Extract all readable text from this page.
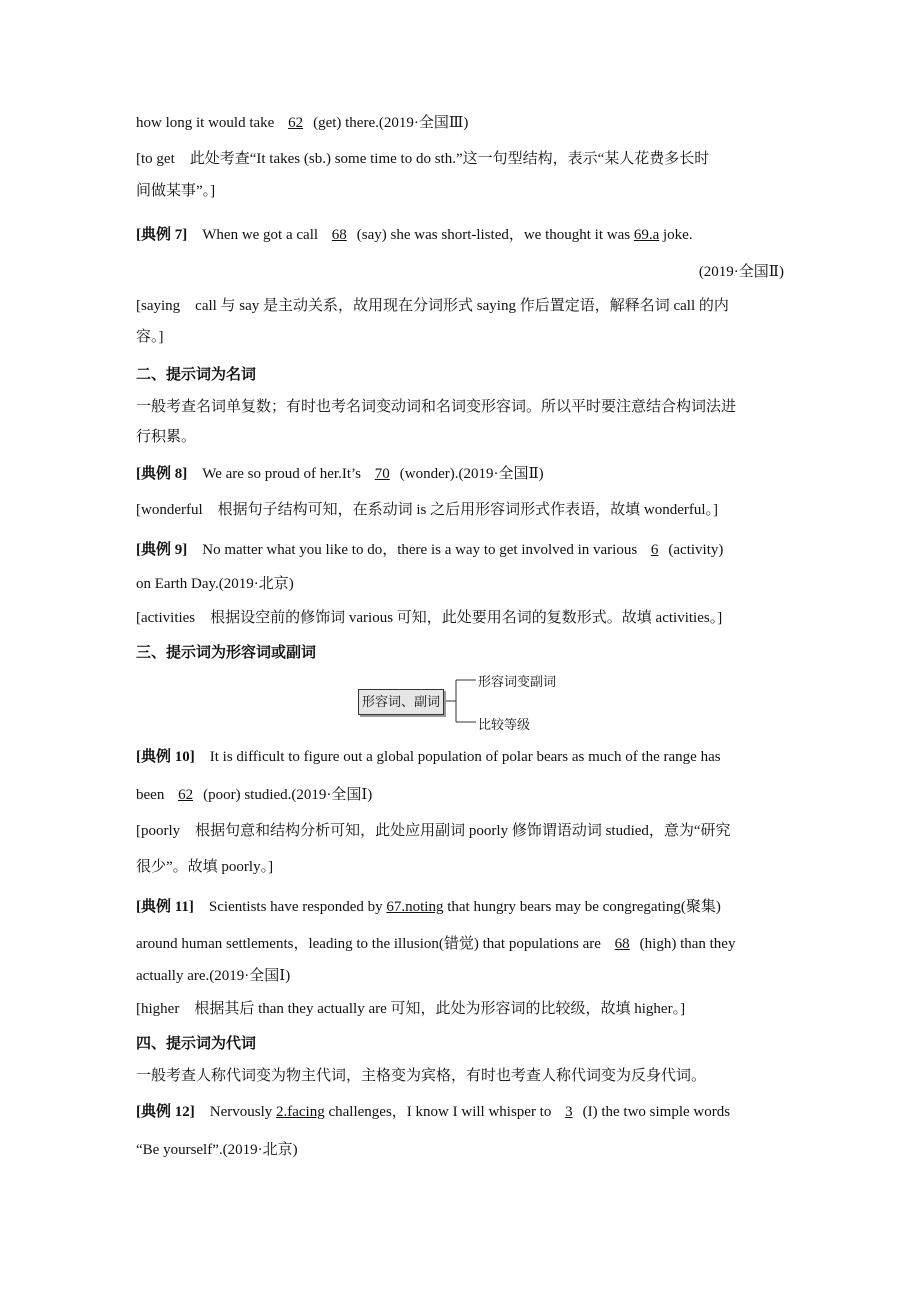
how long it would take 62 (get) there.(2019·全国Ⅲ)
[to get　此处考查“It takes (sb.) some time to do sth.”这一句型结构，表示“某人花费多长时
间做某事”。]
[典例 7]　When we got a call 68 (say) she was short-listed，we thought it was 69.a joke.
(2019·全国Ⅱ)
[saying　call 与 say 是主动关系，故用现在分词形式 saying 作后置定语，解释名词 call 的内
容。]
二、提示词为名词
一般考查名词单复数；有时也考名词变动词和名词变形容词。所以平时要注意结合构词法进
行积累。
[典例 8]　We are so proud of her.It’s 70 (wonder).(2019·全国Ⅱ)
[wonderful　根据句子结构可知，在系动词 is 之后用形容词形式作表语，故填 wonderful。]
[典例 9]　No matter what you like to do，there is a way to get involved in various 6 (activity)
on Earth Day.(2019·北京)
[activities　根据设空前的修饰词 various 可知，此处要用名词的复数形式。故填 activities。]
三、提示词为形容词或副词
形容词、副词
形容词变副词
比较等级
[典例 10]　It is difficult to figure out a global population of polar bears as much of the range has
been 62 (poor) studied.(2019·全国Ⅰ)
[poorly　根据句意和结构分析可知，此处应用副词 poorly 修饰谓语动词 studied，意为“研究
很少”。故填 poorly。]
[典例 11]　Scientists have responded by 67.noting that hungry bears may be congregating(聚集)
around human settlements，leading to the illusion(错觉) that populations are 68 (high) than they
actually are.(2019·全国Ⅰ)
[higher　根据其后 than they actually are 可知，此处为形容词的比较级，故填 higher。]
四、提示词为代词
一般考查人称代词变为物主代词，主格变为宾格，有时也考查人称代词变为反身代词。
[典例 12]　Nervously 2.facing challenges，I know I will whisper to 3 (I) the two simple words
“Be yourself”.(2019·北京)
